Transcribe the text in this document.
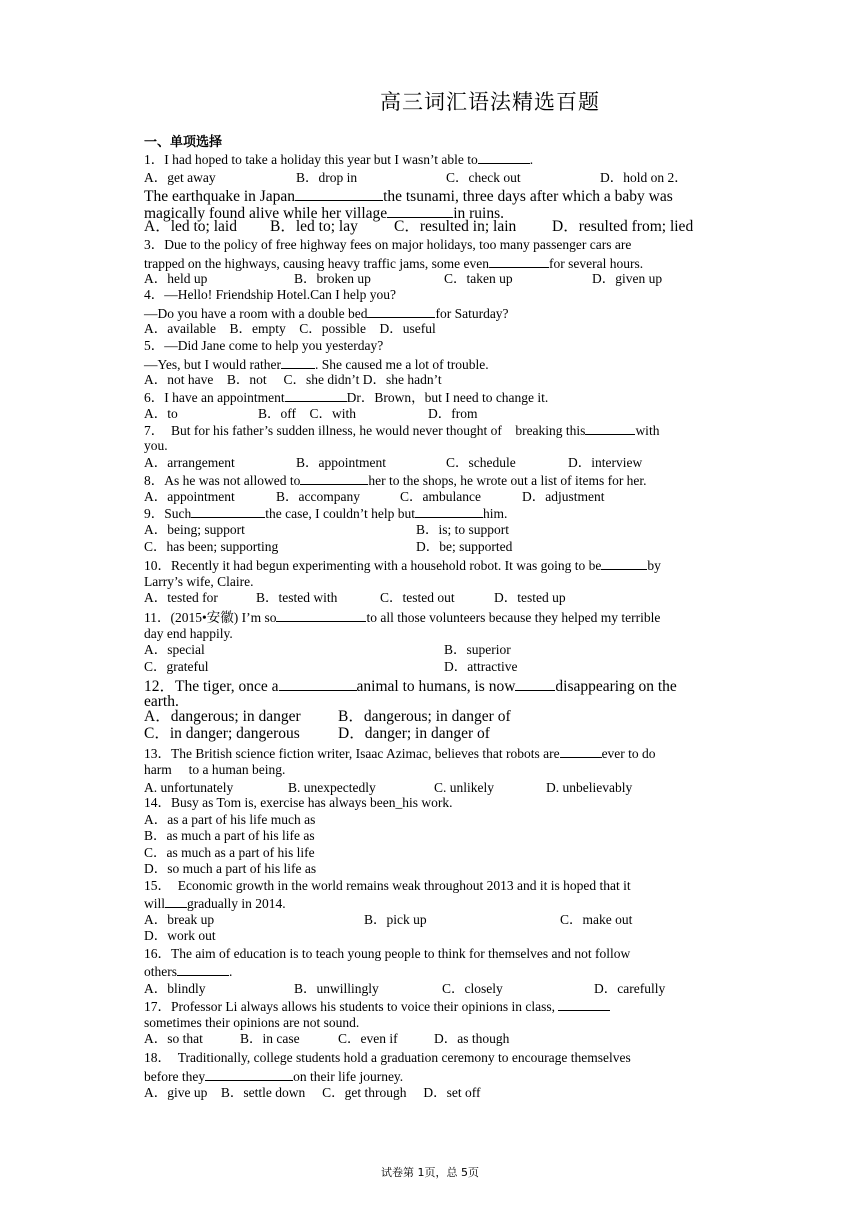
高三词汇语法精选百题
一、单项选择
1．I had hoped to take a holiday this year but I wasn’t able to	.
A．get away	B．drop in	C．check out	D．hold on 2．
The earthquake in Japan	the tsunami, three days after which a baby was
magically found alive while her village	in ruins.
A．led to; laid B．led to; lay C．resulted in; lain D．resulted from; lied
3．Due to the policy of free highway fees on major holidays, too many passenger cars are
trapped on the highways, causing heavy traffic jams, some even	for several hours.
A．held up	B．broken up	C．taken up	D．given up
4．—Hello! Friendship Hotel.Can I help you?
—Do you have a room with a double bed	for Saturday?
A．available　B．empty　C．possible　D．useful
5．—Did Jane come to help you yesterday?
—Yes, but I would rather	. She caused me a lot of trouble.
A．not have　B．not　 C．she didn’t D．she hadn’t
6．I have an appointment	Dr．Brown，but I need to change it.
A．to	B．off　C．with	D．from
7．　But for his father’s sudden illness, he would never thought of　breaking this	with
you.
A．arrangement	B．appointment	C．schedule	D．interview
8．As he was not allowed to	her to the shops, he wrote out a list of items for her.
A．appointment	B．accompany	C．ambulance	D．adjustment
9．Such	the case, I couldn’t help but	him.
A．being; support	B．is; to support
C．has been; supporting	D．be; supported
10．Recently it had begun experimenting with a household robot. It was going to be	by
Larry’s wife, Claire.
A．tested for	B．tested with	C．tested out	D．tested up
11．(2015•安徽) I’m so	to all those volunteers because they helped my terrible
day end happily.
A．special	B．superior
C．grateful	D．attractive
12．The tiger, once a	animal to humans, is now	disappearing on the
earth.
A．dangerous; in danger B．dangerous; in danger of
C．in danger; dangerous D．danger; in danger of
13．The British science fiction writer, Isaac Azimac, believes that robots are	ever to do
harm　 to a human being.
A. unfortunately	B. unexpectedly	C. unlikely	D. unbelievably
14．Busy as Tom is, exercise has always been_his work.
A．as a part of his life much as
B．as much a part of his life as
C．as much as a part of his life
D．so much a part of his life as
15．　Economic growth in the world remains weak throughout 2013 and it is hoped that it
will gradually in 2014.
A．break up	B．pick up	C．make out
D．work out
16．The aim of education is to teach young people to think for themselves and not follow
others	.
A．blindly	B．unwillingly	C．closely	D．carefully
17．Professor Li always allows his students to voice their opinions in class,
sometimes their opinions are not sound.
A．so that	B．in case	C．even if	D．as though
18．　Traditionally, college students hold a graduation ceremony to encourage themselves
before they	on their life journey.
A．give up　B．settle down　 C．get through　 D．set off
试卷第 1页，总 5页
